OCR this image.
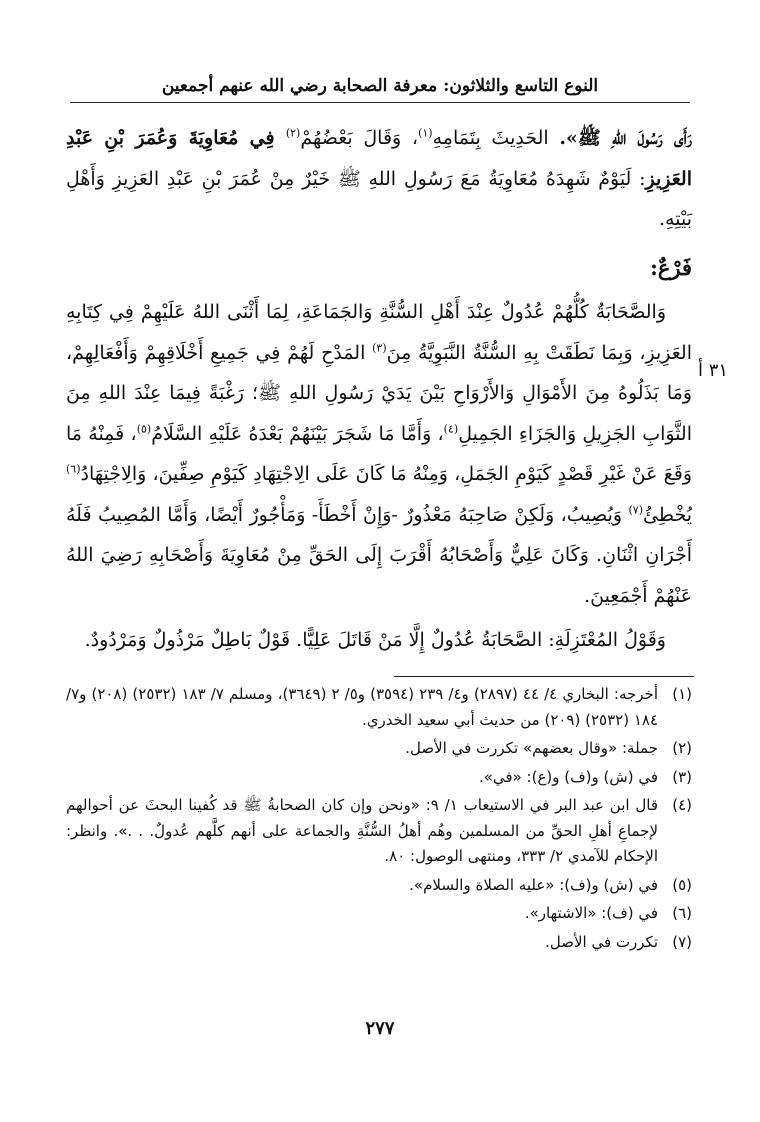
النوع التاسع والثلاثون: معرفة الصحابة رضي الله عنهم أجمعين
٣١ أ

رَأَى رَسُولَ اللهِ ﷺ». الحَدِيثَ بِتَمَامِهِ$^{(١)}$، وَقَالَ بَعْضُهُمْ$^{(٢)}$ فِي مُعَاوِيَةَ وَعُمَرَ بْنِ عَبْدِ العَزِيزِ: لَيَوْمٌ شَهِدَهُ مُعَاوِيَةُ مَعَ رَسُولِ اللهِ ﷺ خَيْرٌ مِنْ عُمَرَ بْنِ عَبْدِ العَزِيزِ وَأَهْلِ بَيْتِهِ.

فَرْعٌ:

وَالصَّحَابَةُ كُلُّهُمْ عُدُولٌ عِنْدَ أَهْلِ السُّنَّةِ وَالجَمَاعَةِ، لِمَا أَثْنَى اللهُ عَلَيْهِمْ فِي كِتَابِهِ العَزِيزِ، وَبِمَا نَطَقَتْ بِهِ السُّنَّةُ النَّبَوِيَّةُ مِنَ$^{(٣)}$ المَدْحِ لَهُمْ فِي جَمِيعِ أَخْلَاقِهِمْ وَأَفْعَالِهِمْ، وَمَا بَذَلُوهُ مِنَ الأَمْوَالِ وَالأَرْوَاحِ بَيْنَ يَدَيْ رَسُولِ اللهِ ﷺ؛ رَغْبَةً فِيمَا عِنْدَ اللهِ مِنَ الثَّوَابِ الجَزِيلِ وَالجَزَاءِ الجَمِيلِ$^{(٤)}$، وَأَمَّا مَا شَجَرَ بَيْنَهُمْ بَعْدَهُ عَلَيْهِ السَّلَامُ$^{(٥)}$، فَمِنْهُ مَا وَقَعَ عَنْ غَيْرِ قَصْدٍ كَيَوْمِ الجَمَلِ، وَمِنْهُ مَا كَانَ عَلَى الِاجْتِهَادِ كَيَوْمِ صِفِّينَ، وَالِاجْتِهَادُ$^{(٦)}$ يُخْطِئُ$^{(٧)}$ وَيُصِيبُ، وَلَكِنْ صَاحِبَهُ مَعْذُورٌ -وَإِنْ أَخْطَأَ- وَمَأْجُورٌ أَيْضًا، وَأَمَّا المُصِيبُ فَلَهُ أَجْرَانِ اثْنَانِ. وَكَانَ عَلِيٌّ وَأَصْحَابُهُ أَقْرَبَ إِلَى الحَقِّ مِنْ مُعَاوِيَةَ وَأَصْحَابِهِ رَضِيَ اللهُ عَنْهُمْ أَجْمَعِينَ.

وَقَوْلُ المُعْتَزِلَةِ: الصَّحَابَةُ عُدُولٌ إِلَّا مَنْ قَاتَلَ عَلِيًّا. قَوْلٌ بَاطِلٌ مَرْذُولٌ وَمَرْدُودٌ.

(١)
أخرجه: البخاري ٤/ ٤٤ (٢٨٩٧) و٤/ ٢٣٩ (٣٥٩٤) و٥/ ٢ (٣٦٤٩)، ومسلم ٧/ ١٨٣ (٢٥٣٢) (٢٠٨) و٧/ ١٨٤ (٢٥٣٢) (٢٠٩) من حديث أبي سعيد الخدري.

(٢)
جملة: «وقال بعضهم» تكررت في الأصل.

(٣)
في (ش) و(ف) و(ع): «في».

(٤)
قال ابن عبد البر في الاستيعاب ١/ ٩: «ونحن وإن كان الصحابةُ ﷺ قد كُفينا البحثَ عن أحوالهم لإجماعِ أهلِ الحقِّ من المسلمين وهُم أهلُ السُّنَّةِ والجماعة على أنهم كلَّهم عُدولٌ. . .». وانظر: الإحكام للآمدي ٢/ ٣٣٣، ومنتهى الوصول: ٨٠.

(٥)
في (ش) و(ف): «عليه الصلاة والسلام».

(٦)
في (ف): «الاشتهار».

(٧)
تكررت في الأصل.

٢٧٧
